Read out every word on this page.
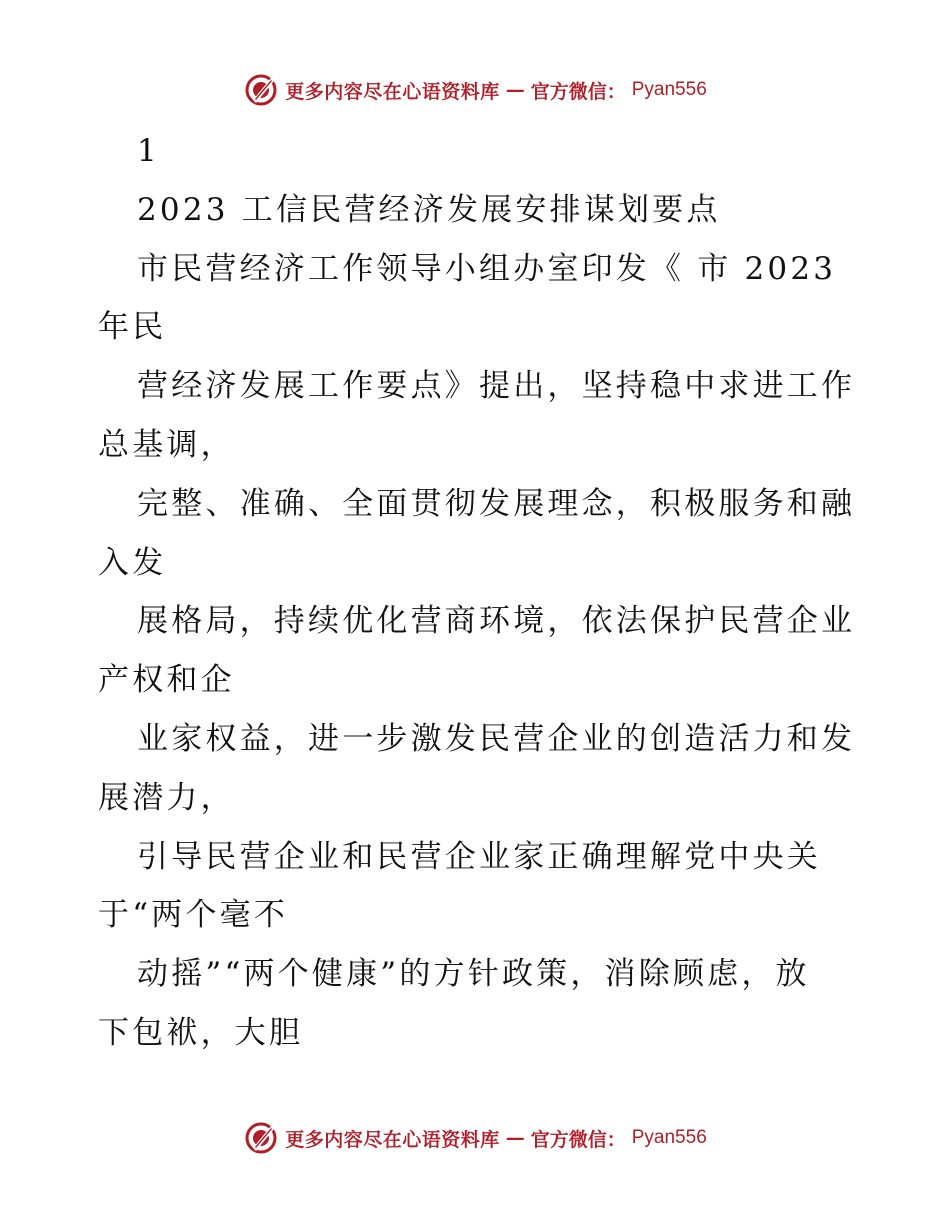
更多内容尽在心语资料库 — 官方微信： Pyan556
1
2023 工信民营经济发展安排谋划要点
市民营经济工作领导小组办室印发《 市 2023
年民
营经济发展工作要点》提出，坚持稳中求进工作
总基调，
完整、准确、全面贯彻发展理念，积极服务和融
入发
展格局，持续优化营商环境，依法保护民营企业
产权和企
业家权益，进一步激发民营企业的创造活力和发
展潜力，
引导民营企业和民营企业家正确理解党中央关
于“两个毫不
动摇”“两个健康”的方针政策，消除顾虑，放
下包袱，大胆
更多内容尽在心语资料库 — 官方微信： Pyan556
